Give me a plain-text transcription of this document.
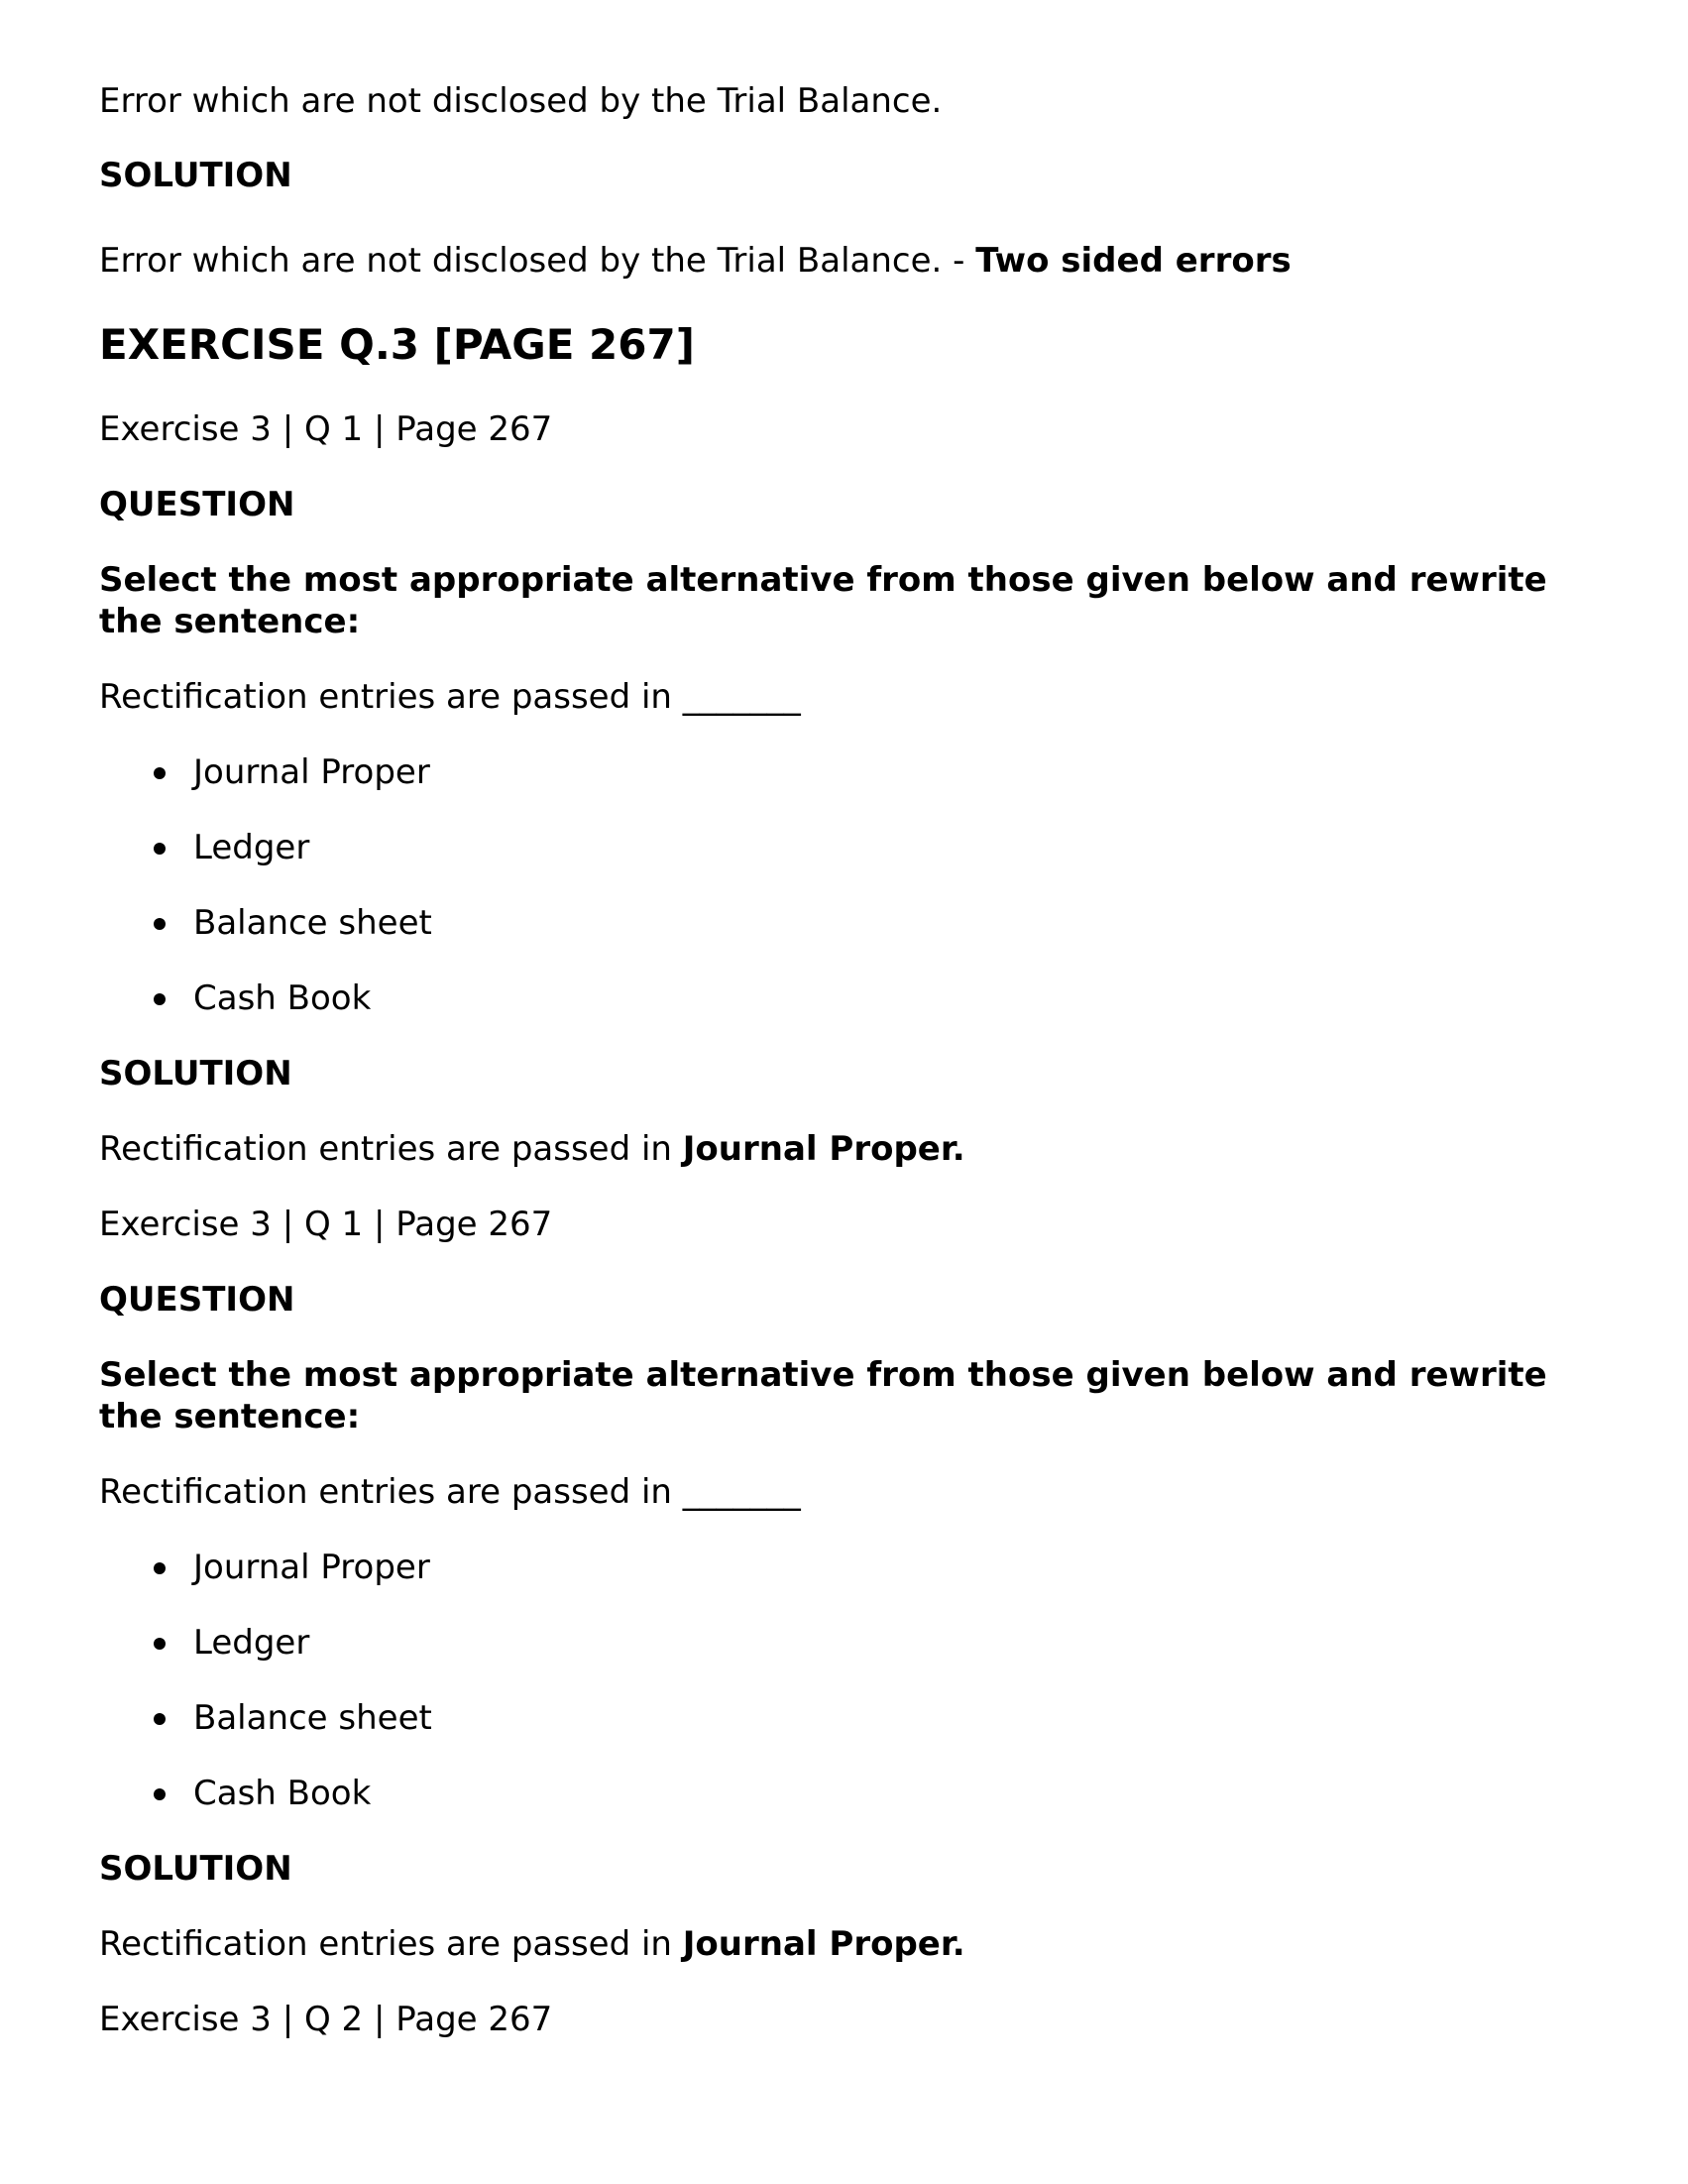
Error which are not disclosed by the Trial Balance.
SOLUTION
Error which are not disclosed by the Trial Balance. - Two sided errors
EXERCISE Q.3 [PAGE 267]
Exercise 3 | Q 1 | Page 267
QUESTION
Select the most appropriate alternative from those given below and rewrite the sentence:
Rectification entries are passed in _______
Journal Proper
Ledger
Balance sheet
Cash Book
SOLUTION
Rectification entries are passed in Journal Proper.
Exercise 3 | Q 1 | Page 267
QUESTION
Select the most appropriate alternative from those given below and rewrite the sentence:
Rectification entries are passed in _______
Journal Proper
Ledger
Balance sheet
Cash Book
SOLUTION
Rectification entries are passed in Journal Proper.
Exercise 3 | Q 2 | Page 267
